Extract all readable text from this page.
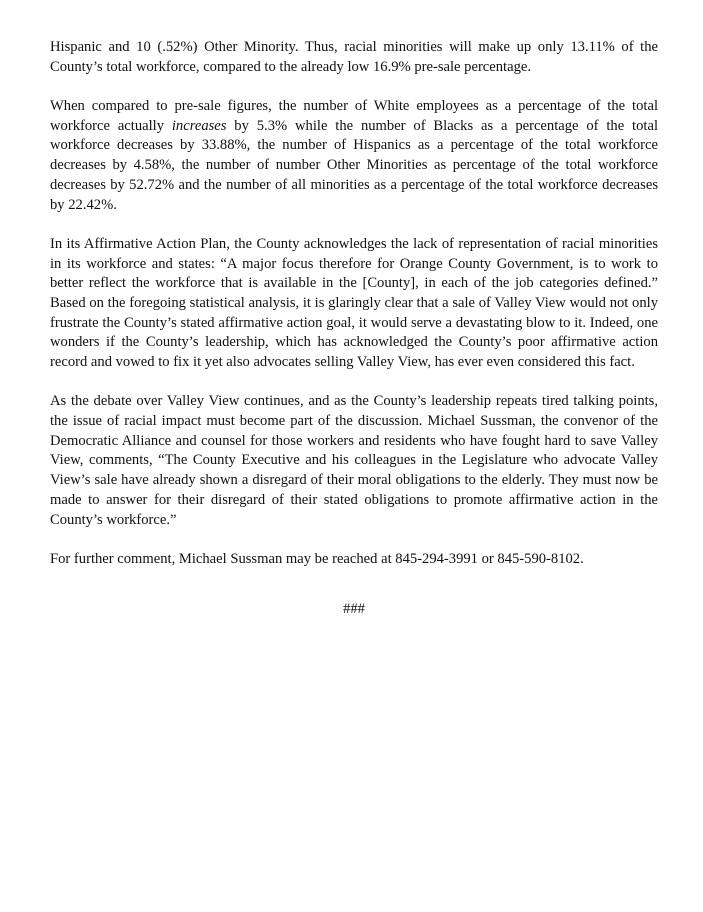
Hispanic and 10 (.52%) Other Minority. Thus, racial minorities will make up only 13.11% of the County’s total workforce, compared to the already low 16.9% pre-sale percentage.

When compared to pre-sale figures, the number of White employees as a percentage of the total workforce actually increases by 5.3% while the number of Blacks as a percentage of the total workforce decreases by 33.88%, the number of Hispanics as a percentage of the total workforce decreases by 4.58%, the number of number Other Minorities as percentage of the total workforce decreases by 52.72% and the number of all minorities as a percentage of the total workforce decreases by 22.42%.

In its Affirmative Action Plan, the County acknowledges the lack of representation of racial minorities in its workforce and states: “A major focus therefore for Orange County Government, is to work to better reflect the workforce that is available in the [County], in each of the job categories defined.” Based on the foregoing statistical analysis, it is glaringly clear that a sale of Valley View would not only frustrate the County’s stated affirmative action goal, it would serve a devastating blow to it. Indeed, one wonders if the County’s leadership, which has acknowledged the County’s poor affirmative action record and vowed to fix it yet also advocates selling Valley View, has ever even considered this fact.

As the debate over Valley View continues, and as the County’s leadership repeats tired talking points, the issue of racial impact must become part of the discussion. Michael Sussman, the convenor of the Democratic Alliance and counsel for those workers and residents who have fought hard to save Valley View, comments, “The County Executive and his colleagues in the Legislature who advocate Valley View’s sale have already shown a disregard of their moral obligations to the elderly. They must now be made to answer for their disregard of their stated obligations to promote affirmative action in the County’s workforce.”

For further comment, Michael Sussman may be reached at 845-294-3991 or 845-590-8102.

###
